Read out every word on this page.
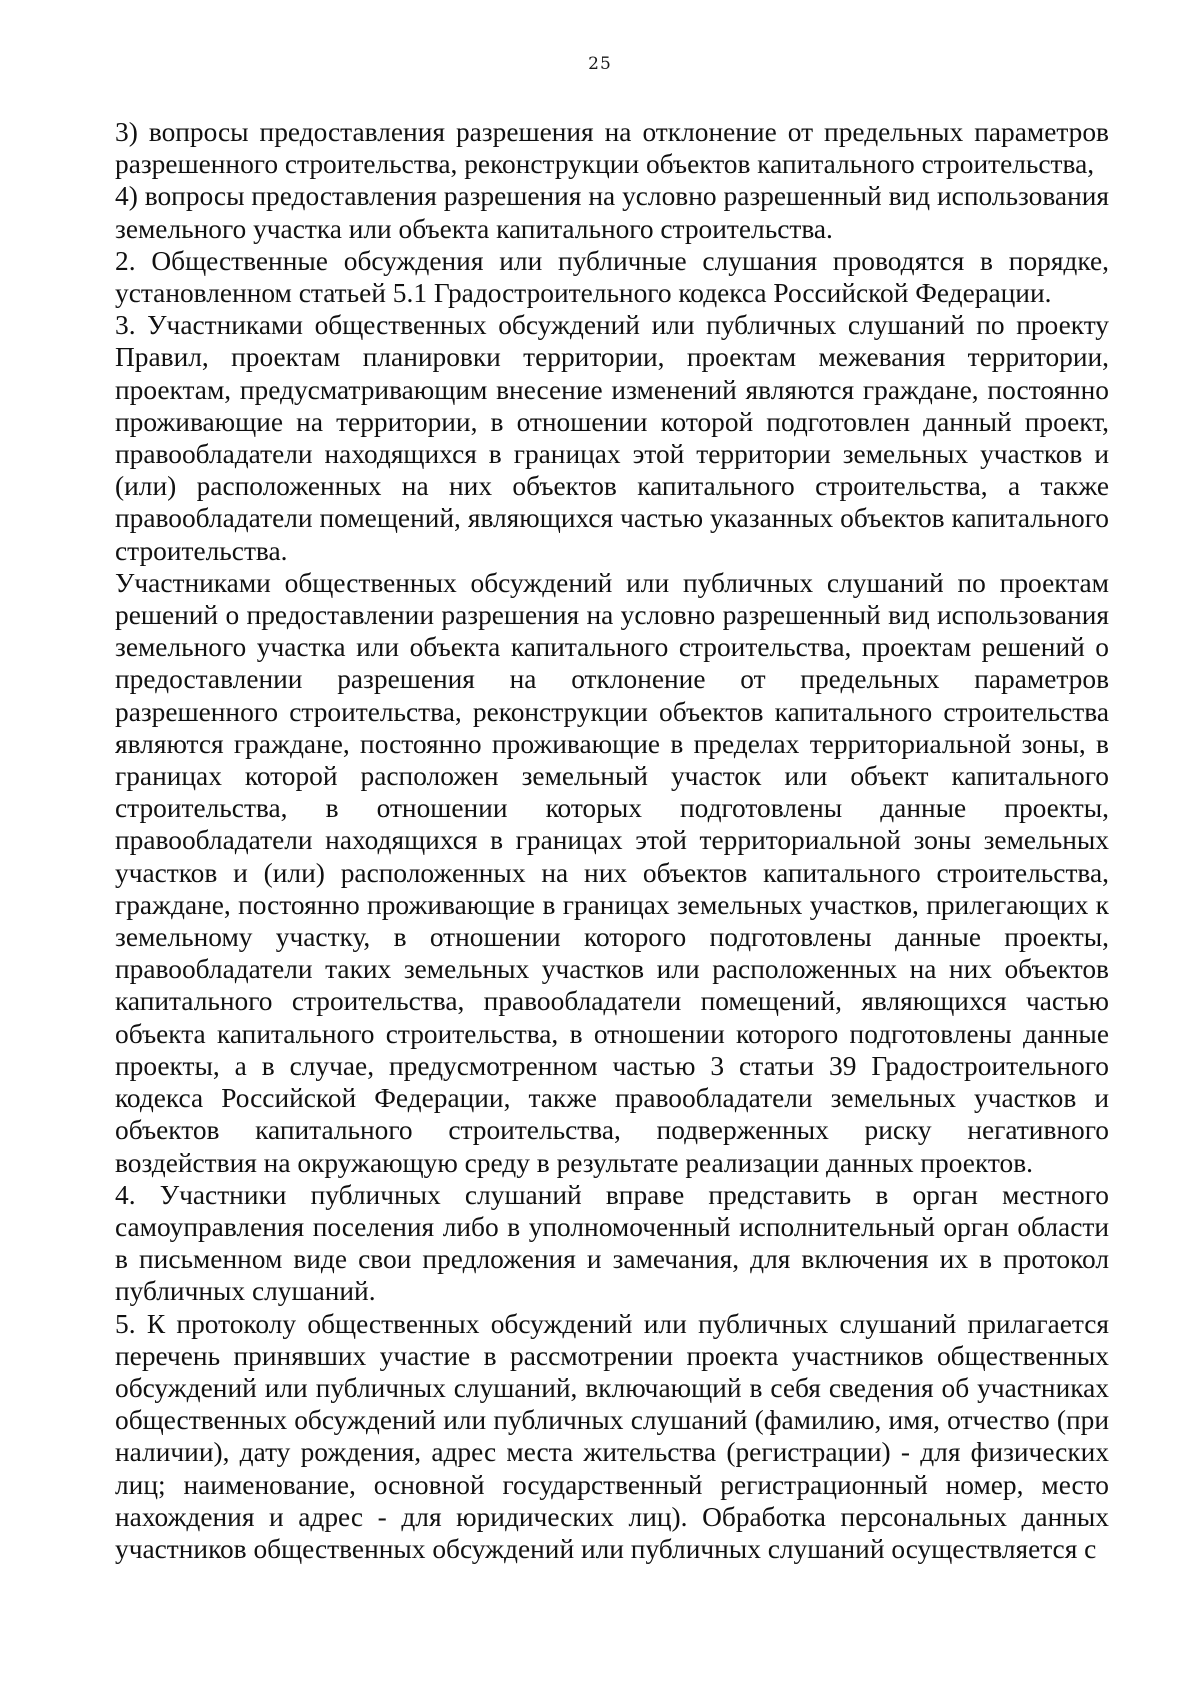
25

3) вопросы предоставления разрешения на отклонение от предельных параметров разрешенного строительства, реконструкции объектов капитального строительства,

4) вопросы предоставления разрешения на условно разрешенный вид использования земельного участка или объекта капитального строительства.

2. Общественные обсуждения или публичные слушания проводятся в порядке, установленном статьей 5.1 Градостроительного кодекса Российской Федерации.

3. Участниками общественных обсуждений или публичных слушаний по проекту Правил, проектам планировки территории, проектам межевания территории, проектам, предусматривающим внесение изменений являются граждане, постоянно проживающие на территории, в отношении которой подготовлен данный проект, правообладатели находящихся в границах этой территории земельных участков и (или) расположенных на них объектов капитального строительства, а также правообладатели помещений, являющихся частью указанных объектов капитального строительства.

Участниками общественных обсуждений или публичных слушаний по проектам решений о предоставлении разрешения на условно разрешенный вид использования земельного участка или объекта капитального строительства, проектам решений о предоставлении разрешения на отклонение от предельных параметров разрешенного строительства, реконструкции объектов капитального строительства являются граждане, постоянно проживающие в пределах территориальной зоны, в границах которой расположен земельный участок или объект капитального строительства, в отношении которых подготовлены данные проекты, правообладатели находящихся в границах этой территориальной зоны земельных участков и (или) расположенных на них объектов капитального строительства, граждане, постоянно проживающие в границах земельных участков, прилегающих к земельному участку, в отношении которого подготовлены данные проекты, правообладатели таких земельных участков или расположенных на них объектов капитального строительства, правообладатели помещений, являющихся частью объекта капитального строительства, в отношении которого подготовлены данные проекты, а в случае, предусмотренном частью 3 статьи 39 Градостроительного кодекса Российской Федерации, также правообладатели земельных участков и объектов капитального строительства, подверженных риску негативного воздействия на окружающую среду в результате реализации данных проектов.

4. Участники публичных слушаний вправе представить в орган местного самоуправления поселения либо в уполномоченный исполнительный орган области в письменном виде свои предложения и замечания, для включения их в протокол публичных слушаний.

5. К протоколу общественных обсуждений или публичных слушаний прилагается перечень принявших участие в рассмотрении проекта участников общественных обсуждений или публичных слушаний, включающий в себя сведения об участниках общественных обсуждений или публичных слушаний (фамилию, имя, отчество (при наличии), дату рождения, адрес места жительства (регистрации) - для физических лиц; наименование, основной государственный регистрационный номер, место нахождения и адрес - для юридических лиц). Обработка персональных данных участников общественных обсуждений или публичных слушаний осуществляется с
